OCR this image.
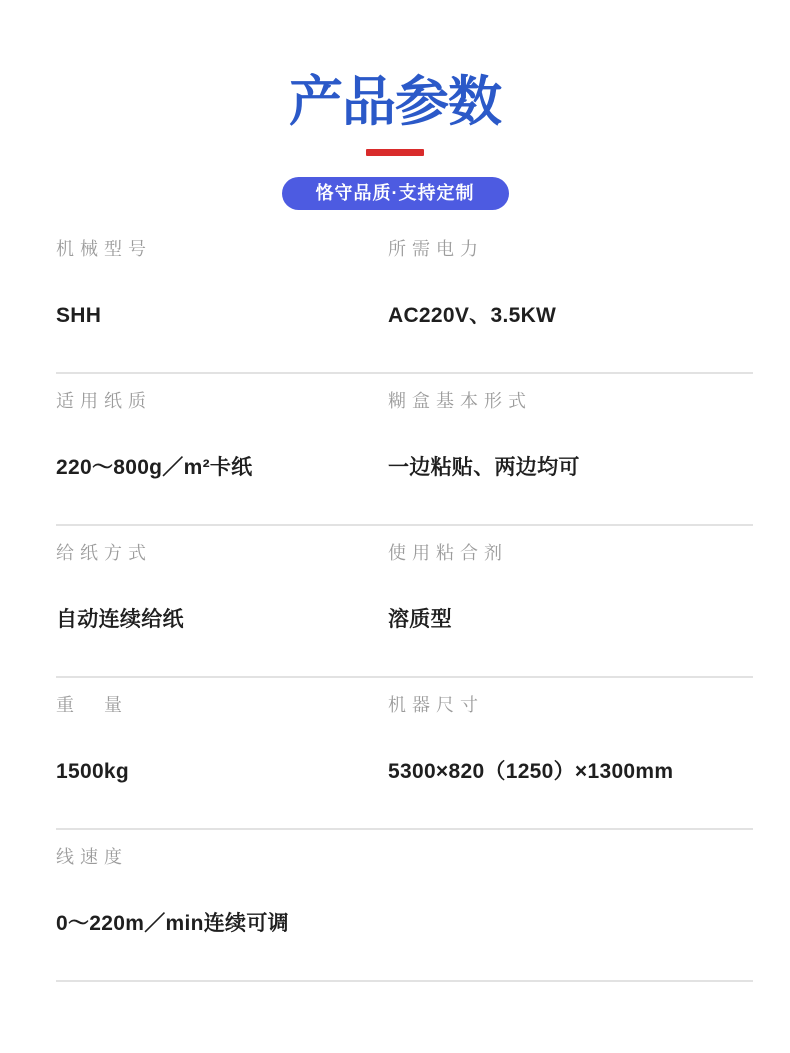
产品参数
恪守品质·支持定制
机械型号
SHH
所需电力
AC220V、3.5KW
适用纸质
220～800g／m²卡纸
糊盒基本形式
一边粘贴、两边均可
给纸方式
自动连续给纸
使用粘合剂
溶质型
重　量
1500kg
机器尺寸
5300×820（1250）×1300mm
线速度
0～220m／min连续可调
